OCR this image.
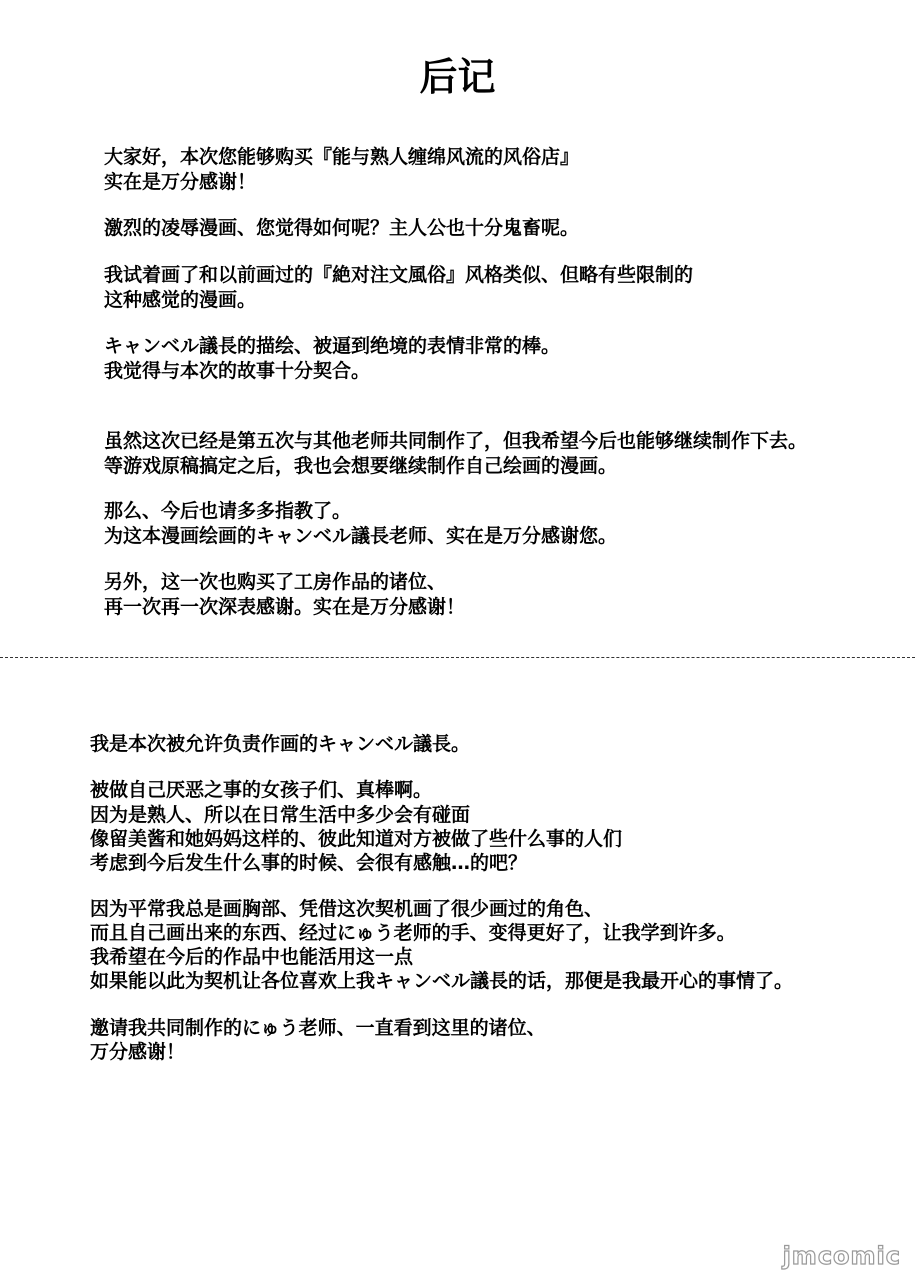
后记

大家好，本次您能够购买『能与熟人缠绵风流的风俗店』

实在是万分感谢！

激烈的凌辱漫画、您觉得如何呢？主人公也十分鬼畜呢。

我试着画了和以前画过的『絶对注文風俗』风格类似、但略有些限制的

这种感觉的漫画。

キャンベル議長的描绘、被逼到绝境的表情非常的棒。

我觉得与本次的故事十分契合。

虽然这次已经是第五次与其他老师共同制作了，但我希望今后也能够继续制作下去。

等游戏原稿搞定之后，我也会想要继续制作自己绘画的漫画。

那么、今后也请多多指教了。

为这本漫画绘画的キャンベル議長老师、实在是万分感谢您。

另外，这一次也购买了工房作品的诸位、

再一次再一次深表感谢。实在是万分感谢！

我是本次被允许负责作画的キャンベル議長。

被做自己厌恶之事的女孩子们、真棒啊。

因为是熟人、所以在日常生活中多少会有碰面

像留美酱和她妈妈这样的、彼此知道对方被做了些什么事的人们

考虑到今后发生什么事的时候、会很有感触…的吧？

因为平常我总是画胸部、凭借这次契机画了很少画过的角色、

而且自己画出来的东西、经过にゅう老师的手、变得更好了，让我学到许多。

我希望在今后的作品中也能活用这一点

如果能以此为契机让各位喜欢上我キャンベル議長的话，那便是我最开心的事情了。

邀请我共同制作的にゅう老师、一直看到这里的诸位、

万分感谢！

jmcomic
